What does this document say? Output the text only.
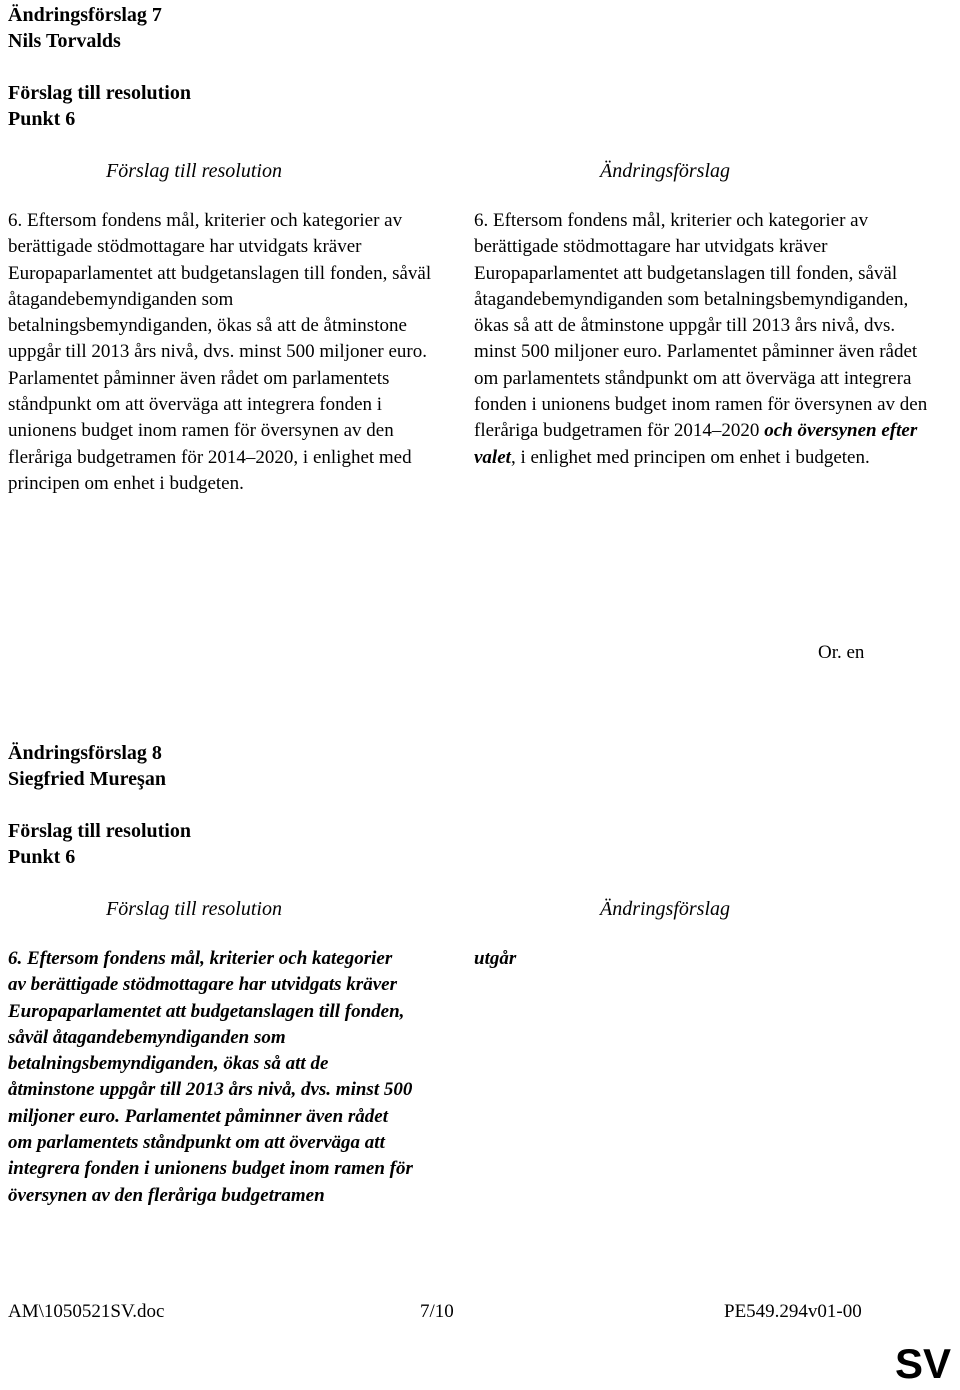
Ändringsförslag 7
Nils Torvalds
Förslag till resolution
Punkt 6
Förslag till resolution	Ändringsförslag
6. Eftersom fondens mål, kriterier och kategorier av berättigade stödmottagare har utvidgats kräver Europaparlamentet att budgetanslagen till fonden, såväl åtagandebemyndiganden som betalningsbemyndiganden, ökas så att de åtminstone uppgår till 2013 års nivå, dvs. minst 500 miljoner euro. Parlamentet påminner även rådet om parlamentets ståndpunkt om att överväga att integrera fonden i unionens budget inom ramen för översynen av den fleråriga budgetramen för 2014–2020, i enlighet med principen om enhet i budgeten.
6. Eftersom fondens mål, kriterier och kategorier av berättigade stödmottagare har utvidgats kräver Europaparlamentet att budgetanslagen till fonden, såväl åtagandebemyndiganden som betalningsbemyndiganden, ökas så att de åtminstone uppgår till 2013 års nivå, dvs. minst 500 miljoner euro. Parlamentet påminner även rådet om parlamentets ståndpunkt om att överväga att integrera fonden i unionens budget inom ramen för översynen av den fleråriga budgetramen för 2014–2020 och översynen efter valet, i enlighet med principen om enhet i budgeten.
Or. en
Ändringsförslag 8
Siegfried Mureşan
Förslag till resolution
Punkt 6
Förslag till resolution	Ändringsförslag
6. Eftersom fondens mål, kriterier och kategorier av berättigade stödmottagare har utvidgats kräver Europaparlamentet att budgetanslagen till fonden, såväl åtagandebemyndiganden som betalningsbemyndiganden, ökas så att de åtminstone uppgår till 2013 års nivå, dvs. minst 500 miljoner euro. Parlamentet påminner även rådet om parlamentets ståndpunkt om att överväga att integrera fonden i unionens budget inom ramen för översynen av den fleråriga budgetramen
utgår
AM\1050521SV.doc	7/10	PE549.294v01-00
SV
